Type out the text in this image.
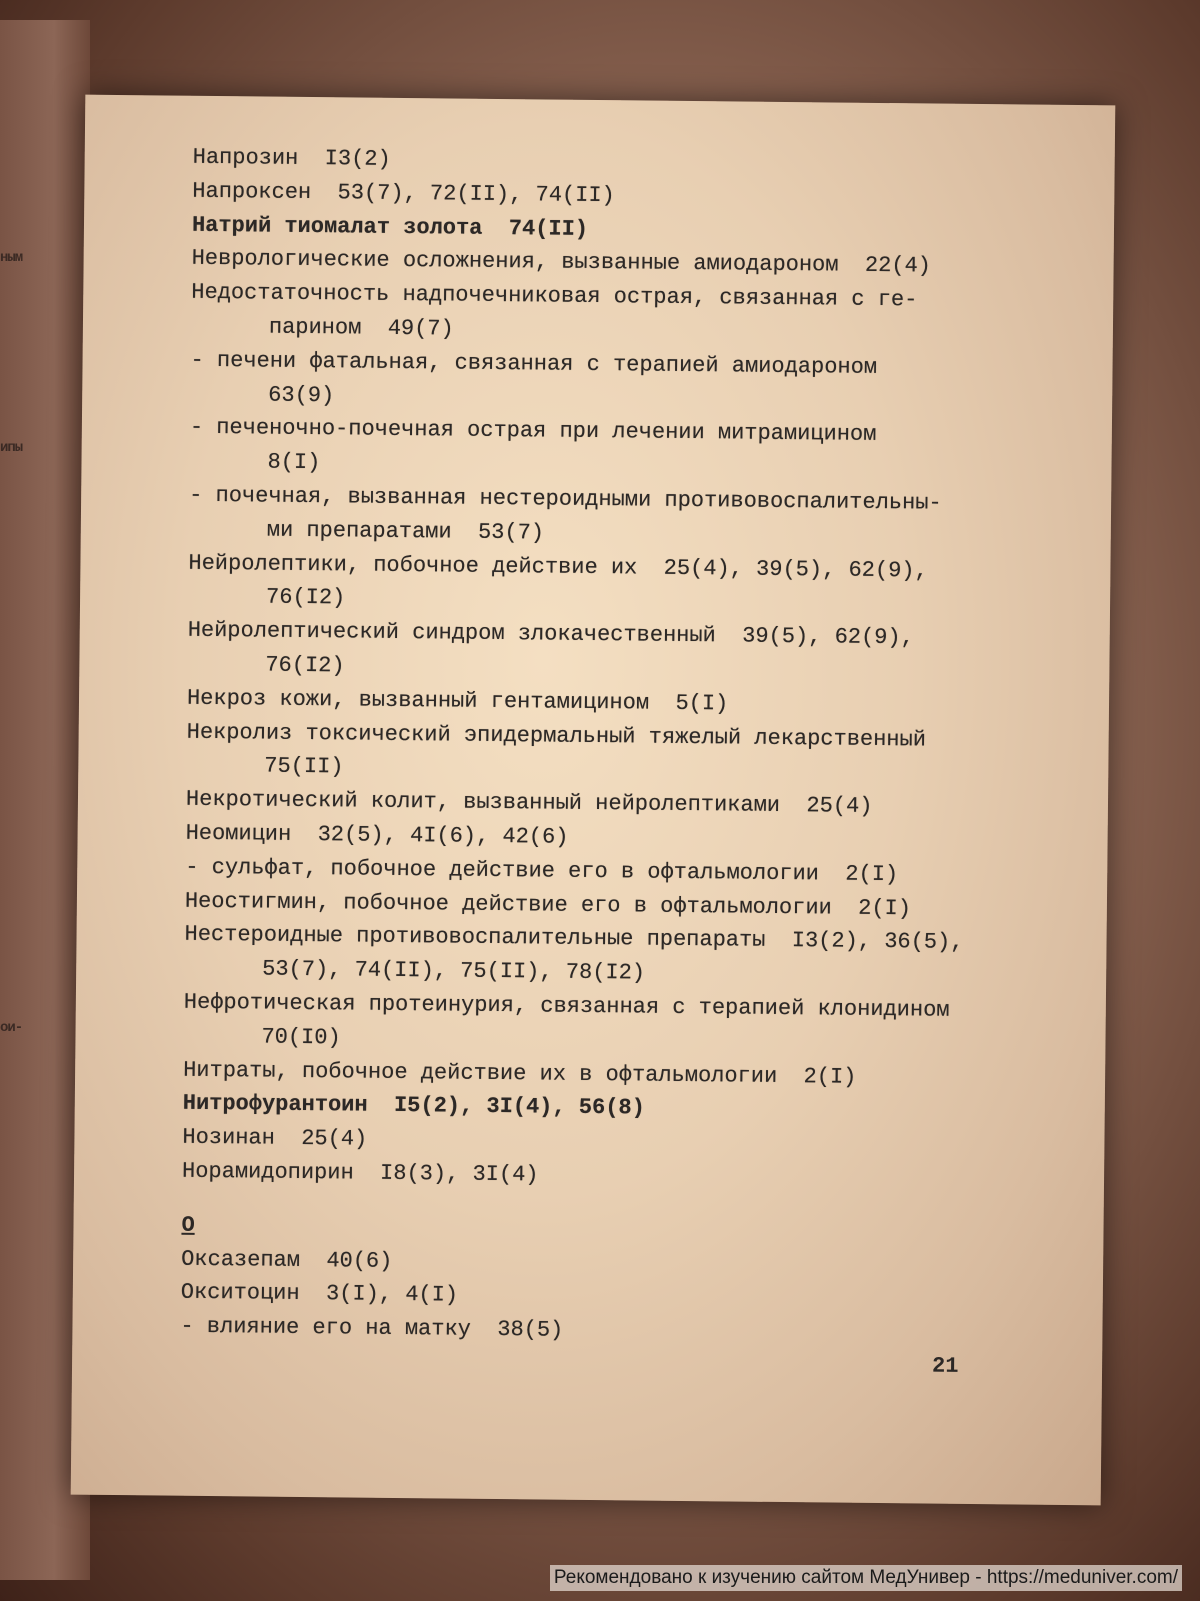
ным
ипы
ои-
Напрозин  I3(2)
Напроксен  53(7), 72(II), 74(II)
Натрий тиомалат золота  74(II)
Неврологические осложнения, вызванные амиодароном  22(4)
Недостаточность надпочечниковая острая, связанная с ге-
парином  49(7)
- печени фатальная, связанная с терапией амиодароном
63(9)
- печеночно-почечная острая при лечении митрамицином
8(I)
- почечная, вызванная нестероидными противовоспалительны-
ми препаратами  53(7)
Нейролептики, побочное действие их  25(4), 39(5), 62(9),
76(I2)
Нейролептический синдром злокачественный  39(5), 62(9),
76(I2)
Некроз кожи, вызванный гентамицином  5(I)
Некролиз токсический эпидермальный тяжелый лекарственный
75(II)
Некротический колит, вызванный нейролептиками  25(4)
Неомицин  32(5), 4I(6), 42(6)
- сульфат, побочное действие его в офтальмологии  2(I)
Неостигмин, побочное действие его в офтальмологии  2(I)
Нестероидные противовоспалительные препараты  I3(2), 36(5),
53(7), 74(II), 75(II), 78(I2)
Нефротическая протеинурия, связанная с терапией клонидином
70(I0)
Нитраты, побочное действие их в офтальмологии  2(I)
Нитрофурантоин  I5(2), 3I(4), 56(8)
Нозинан  25(4)
Норамидопирин  I8(3), 3I(4)
О
Оксазепам  40(6)
Окситоцин  3(I), 4(I)
- влияние его на матку  38(5)
21
Рекомендовано к изучению сайтом МедУнивер - https://meduniver.com/
